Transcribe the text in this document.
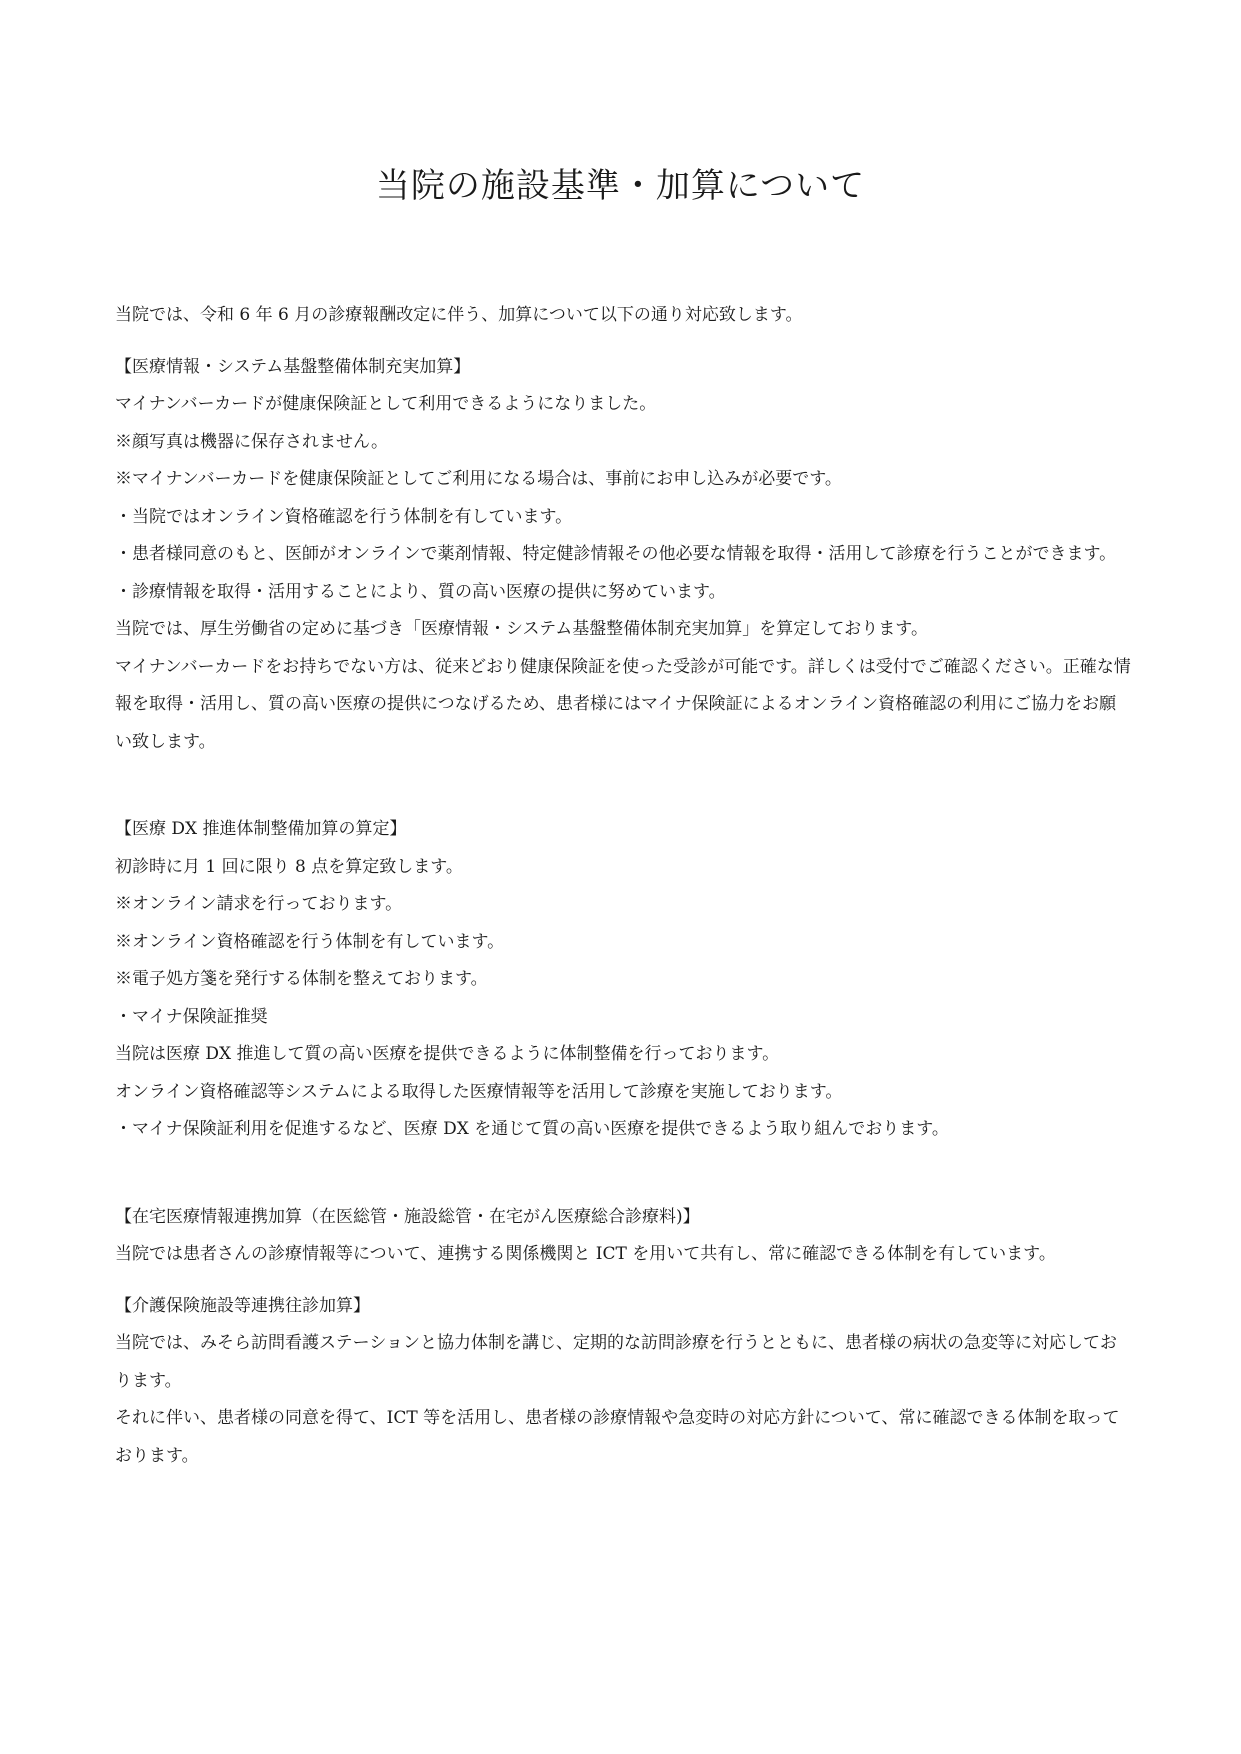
当院の施設基準・加算について

当院では、令和 6 年 6 月の診療報酬改定に伴う、加算について以下の通り対応致します。

【医療情報・システム基盤整備体制充実加算】

マイナンバーカードが健康保険証として利用できるようになりました。

※顔写真は機器に保存されません。

※マイナンバーカードを健康保険証としてご利用になる場合は、事前にお申し込みが必要です。

・当院ではオンライン資格確認を行う体制を有しています。

・患者様同意のもと、医師がオンラインで薬剤情報、特定健診情報その他必要な情報を取得・活用して診療を行うことができます。

・診療情報を取得・活用することにより、質の高い医療の提供に努めています。

当院では、厚生労働省の定めに基づき「医療情報・システム基盤整備体制充実加算」を算定しております。

マイナンバーカードをお持ちでない方は、従来どおり健康保険証を使った受診が可能です。詳しくは受付でご確認ください。正確な情報を取得・活用し、質の高い医療の提供につなげるため、患者様にはマイナ保険証によるオンライン資格確認の利用にご協力をお願い致します。

【医療 DX 推進体制整備加算の算定】

初診時に月 1 回に限り 8 点を算定致します。

※オンライン請求を行っております。

※オンライン資格確認を行う体制を有しています。

※電子処方箋を発行する体制を整えております。

・マイナ保険証推奨

当院は医療 DX 推進して質の高い医療を提供できるように体制整備を行っております。

オンライン資格確認等システムによる取得した医療情報等を活用して診療を実施しております。

・マイナ保険証利用を促進するなど、医療 DX を通じて質の高い医療を提供できるよう取り組んでおります。

【在宅医療情報連携加算（在医総管・施設総管・在宅がん医療総合診療料)】

当院では患者さんの診療情報等について、連携する関係機関と ICT を用いて共有し、常に確認できる体制を有しています。

【介護保険施設等連携往診加算】

当院では、みそら訪問看護ステーションと協力体制を講じ、定期的な訪問診療を行うとともに、患者様の病状の急変等に対応しております。

それに伴い、患者様の同意を得て、ICT 等を活用し、患者様の診療情報や急変時の対応方針について、常に確認できる体制を取っております。
